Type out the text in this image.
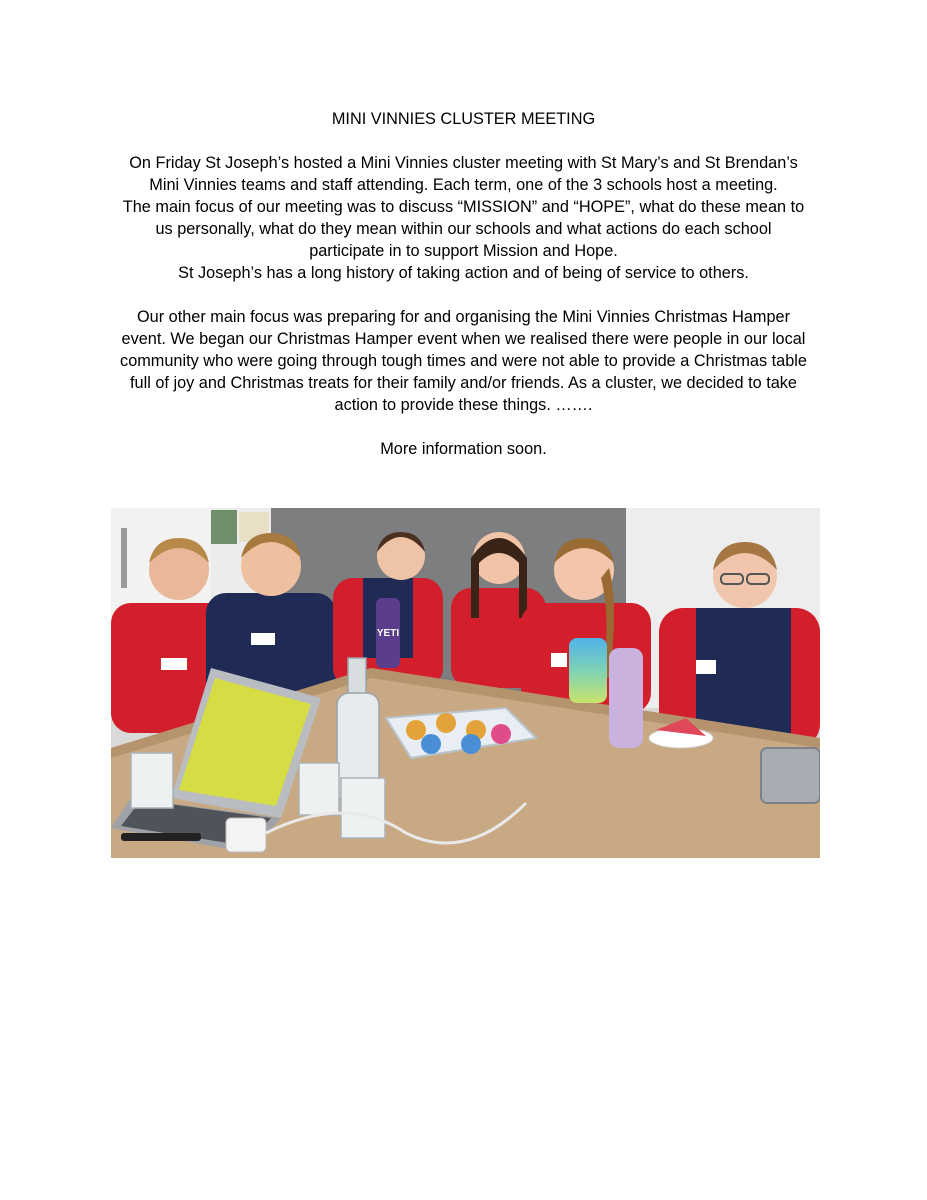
MINI VINNIES CLUSTER MEETING

On Friday St Joseph’s hosted a Mini Vinnies cluster meeting with St Mary’s and St Brendan’s

Mini Vinnies teams and staff attending. Each term, one of the 3 schools host a meeting.

The main focus of our meeting was to discuss “MISSION” and “HOPE”, what do these mean to

us personally, what do they mean within our schools and what actions do each school

participate in to support Mission and Hope.

St Joseph’s has a long history of taking action and of being of service to others.

Our other main focus was preparing for and organising the Mini Vinnies Christmas Hamper

event. We began our Christmas Hamper event when we realised there were people in our local

community who were going through tough times and were not able to provide a Christmas table

full of joy and Christmas treats for their family and/or friends. As a cluster, we decided to take

action to provide these things. …….

More information soon.

YETI
